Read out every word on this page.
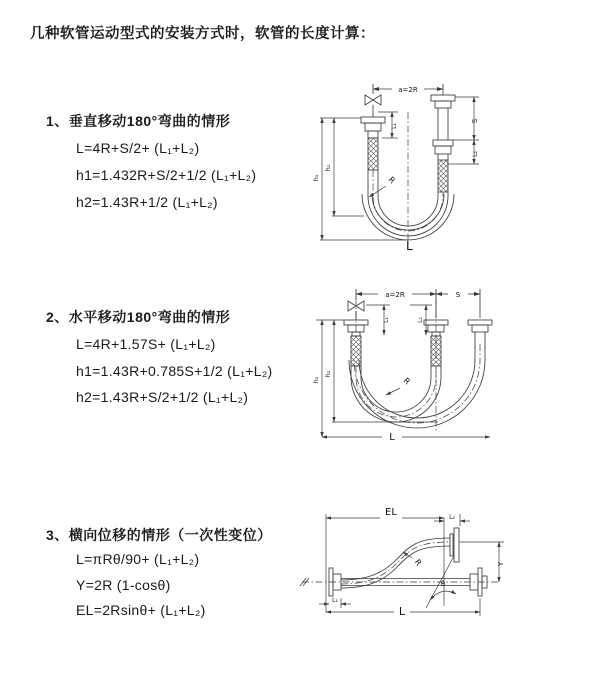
几种软管运动型式的安装方式时，软管的长度计算：
1、垂直移动180°弯曲的情形
L=4R+S/2+ (L₁+L₂)
h1=1.432R+S/2+1/2 (L₁+L₂)
h2=1.43R+1/2 (L₁+L₂)
2、水平移动180°弯曲的情形
L=4R+1.57S+ (L₁+L₂)
h1=1.43R+0.785S+1/2 (L₁+L₂)
h2=1.43R+S/2+1/2 (L₁+L₂)
3、横向位移的情形（一次性变位）
L=πRθ/90+ (L₁+L₂)
Y=2R (1-cosθ)
EL=2Rsinθ+ (L₁+L₂)
a=2R
S
L₂
h₁
h₂
L₁
R
L
a=2R	S
h₁
h₂
L₁	L₂
R
L
EL	L₂
Y
R
θ
L
L₁
